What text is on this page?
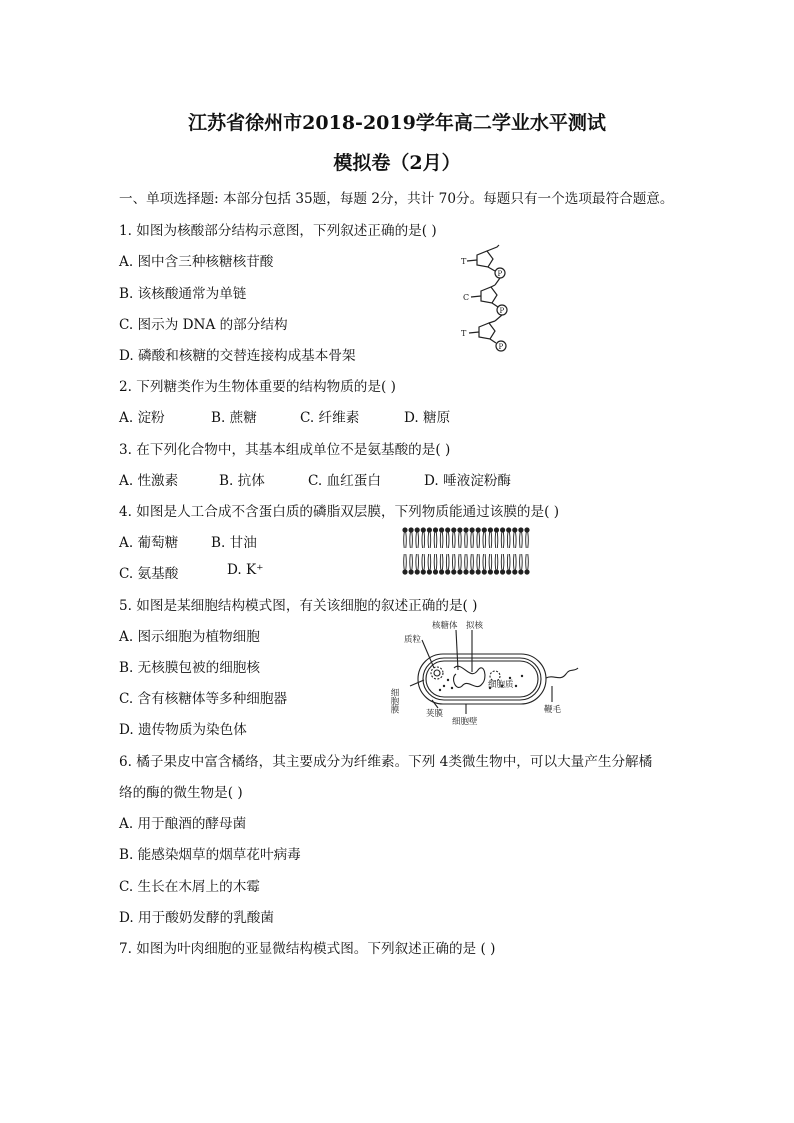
江苏省徐州市2018-2019学年高二学业水平测试
模拟卷（2月）
一、单项选择题: 本部分包括 35题，每题 2分，共计 70分。每题只有一个选项最符合题意。
1. 如图为核酸部分结构示意图，下列叙述正确的是( )
A. 图中含三种核糖核苷酸
B. 该核酸通常为单链
C. 图示为 DNA 的部分结构
D. 磷酸和核糖的交替连接构成基本骨架
T
C
T
P
P
P
2. 下列糖类作为生物体重要的结构物质的是( )
A. 淀粉	B. 蔗糖	C. 纤维素	D. 糖原
3. 在下列化合物中，其基本组成单位不是氨基酸的是( )
A. 性激素	B. 抗体	C. 血红蛋白	D. 唾液淀粉酶
4. 如图是人工合成不含蛋白质的磷脂双层膜，下列物质能通过该膜的是( )
A. 葡萄糖 B. 甘油
C. 氨基酸	D. K⁺
5. 如图是某细胞结构模式图，有关该细胞的叙述正确的是( )
A. 图示细胞为植物细胞
B. 无核膜包被的细胞核
C. 含有核糖体等多种细胞器
D. 遗传物质为染色体
质粒
核糖体 拟核
细胞质
细胞膜
荚膜
细胞壁
鞭毛
6. 橘子果皮中富含橘络，其主要成分为纤维素。下列 4类微生物中，可以大量产生分解橘
络的酶的微生物是( )
A. 用于酿酒的酵母菌
B. 能感染烟草的烟草花叶病毒
C. 生长在木屑上的木霉
D. 用于酸奶发酵的乳酸菌
7. 如图为叶肉细胞的亚显微结构模式图。下列叙述正确的是 ( )
